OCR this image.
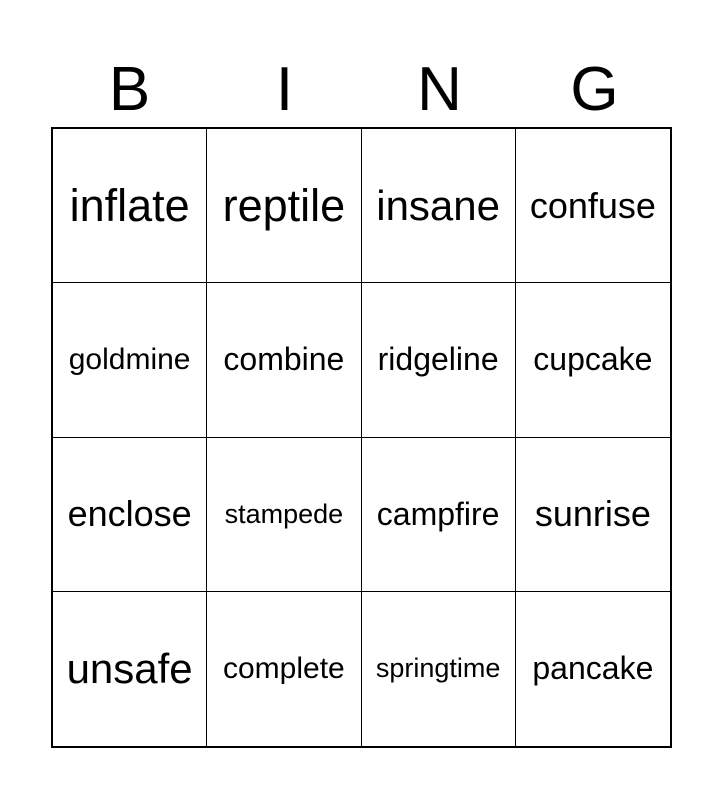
B	I	N	G
inflate reptile insane confuse
goldmine	combine	ridgeline	cupcake
enclose	stampede	campfire sunrise
unsafe	complete	springtime pancake
